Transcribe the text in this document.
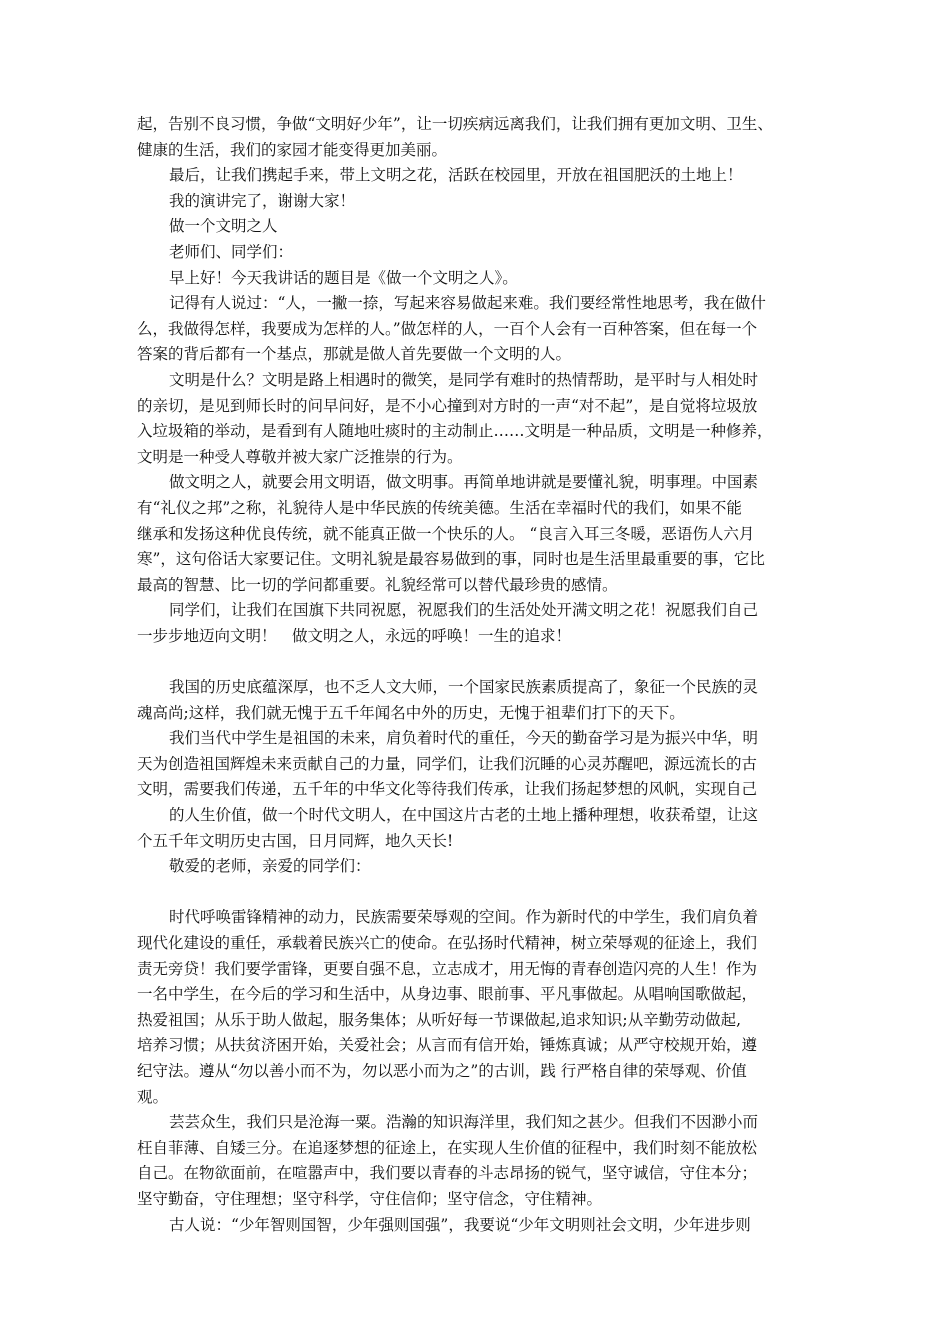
起，告别不良习惯，争做“文明好少年”，让一切疾病远离我们，让我们拥有更加文明、卫生、
健康的生活，我们的家园才能变得更加美丽。
最后，让我们携起手来，带上文明之花，活跃在校园里，开放在祖国肥沃的土地上！
我的演讲完了，谢谢大家！
做一个文明之人
老师们、同学们：
早上好！今天我讲话的题目是《做一个文明之人》。
记得有人说过：“人，一撇一捺，写起来容易做起来难。我们要经常性地思考，我在做什
么，我做得怎样，我要成为怎样的人。”做怎样的人，一百个人会有一百种答案，但在每一个
答案的背后都有一个基点，那就是做人首先要做一个文明的人。
文明是什么？文明是路上相遇时的微笑，是同学有难时的热情帮助，是平时与人相处时
的亲切，是见到师长时的问早问好，是不小心撞到对方时的一声“对不起”，是自觉将垃圾放
入垃圾箱的举动，是看到有人随地吐痰时的主动制止……文明是一种品质，文明是一种修养，
文明是一种受人尊敬并被大家广泛推崇的行为。
做文明之人，就要会用文明语，做文明事。再简单地讲就是要懂礼貌，明事理。中国素
有“礼仪之邦”之称，礼貌待人是中华民族的传统美德。生活在幸福时代的我们，如果不能
继承和发扬这种优良传统，就不能真正做一个快乐的人。 “良言入耳三冬暖，恶语伤人六月
寒”，这句俗话大家要记住。文明礼貌是最容易做到的事，同时也是生活里最重要的事，它比
最高的智慧、比一切的学问都重要。礼貌经常可以替代最珍贵的感情。
同学们，让我们在国旗下共同祝愿，祝愿我们的生活处处开满文明之花！祝愿我们自己
一步步地迈向文明！　做文明之人，永远的呼唤！一生的追求！
我国的历史底蕴深厚，也不乏人文大师，一个国家民族素质提高了，象征一个民族的灵
魂高尚;这样，我们就无愧于五千年闻名中外的历史，无愧于祖辈们打下的天下。
我们当代中学生是祖国的未来，肩负着时代的重任，今天的勤奋学习是为振兴中华，明
天为创造祖国辉煌未来贡献自己的力量，同学们，让我们沉睡的心灵苏醒吧，源远流长的古
文明，需要我们传递，五千年的中华文化等待我们传承，让我们扬起梦想的风帆，实现自己
的人生价值，做一个时代文明人，在中国这片古老的土地上播种理想，收获希望，让这
个五千年文明历史古国，日月同辉，地久天长!
敬爱的老师，亲爱的同学们：
时代呼唤雷锋精神的动力，民族需要荣辱观的空间。作为新时代的中学生，我们肩负着
现代化建设的重任，承载着民族兴亡的使命。在弘扬时代精神，树立荣辱观的征途上，我们
责无旁贷！我们要学雷锋，更要自强不息，立志成才，用无悔的青春创造闪亮的人生！作为
一名中学生，在今后的学习和生活中，从身边事、眼前事、平凡事做起。从唱响国歌做起，
热爱祖国；从乐于助人做起，服务集体；从听好每一节课做起,追求知识;从辛勤劳动做起,
培养习惯；从扶贫济困开始，关爱社会；从言而有信开始，锤炼真诚；从严守校规开始，遵
纪守法。遵从“勿以善小而不为，勿以恶小而为之”的古训，践 行严格自律的荣辱观、价值
观。
芸芸众生，我们只是沧海一粟。浩瀚的知识海洋里，我们知之甚少。但我们不因渺小而
枉自菲薄、自矮三分。在追逐梦想的征途上，在实现人生价值的征程中，我们时刻不能放松
自己。在物欲面前，在喧嚣声中，我们要以青春的斗志昂扬的锐气，坚守诚信，守住本分；
坚守勤奋，守住理想；坚守科学，守住信仰；坚守信念，守住精神。
古人说：“少年智则国智，少年强则国强”，我要说“少年文明则社会文明，少年进步则
